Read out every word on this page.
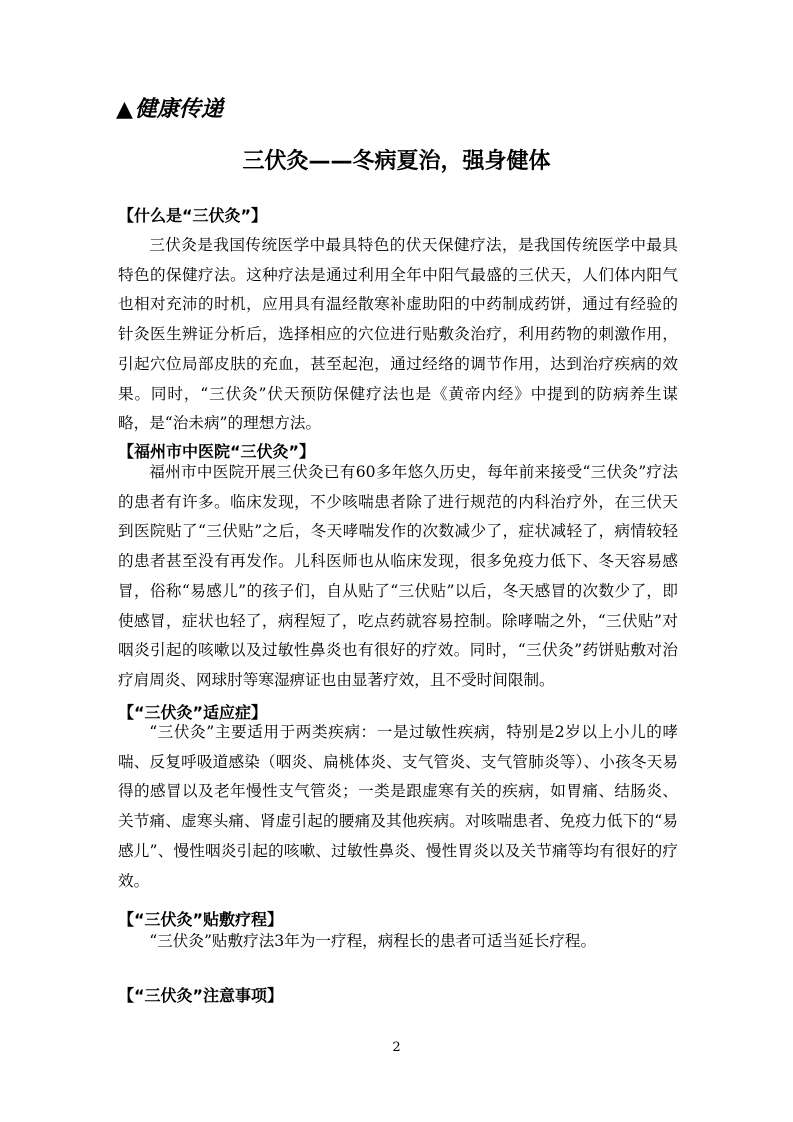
▲健康传递
三伏灸——冬病夏治，强身健体
【什么是“三伏灸”】

三伏灸是我国传统医学中最具特色的伏天保健疗法，是我国传统医学中最具特色的保健疗法。这种疗法是通过利用全年中阳气最盛的三伏天，人们体内阳气也相对充沛的时机，应用具有温经散寒补虚助阳的中药制成药饼，通过有经验的针灸医生辨证分析后，选择相应的穴位进行贴敷灸治疗，利用药物的刺激作用，引起穴位局部皮肤的充血，甚至起泡，通过经络的调节作用，达到治疗疾病的效果。同时，“三伏灸”伏天预防保健疗法也是《黄帝内经》中提到的防病养生谋略，是“治未病”的理想方法。

【福州市中医院“三伏灸”】

福州市中医院开展三伏灸已有60多年悠久历史，每年前来接受“三伏灸”疗法的患者有许多。临床发现，不少咳喘患者除了进行规范的内科治疗外，在三伏天到医院贴了“三伏贴”之后，冬天哮喘发作的次数减少了，症状减轻了，病情较轻的患者甚至没有再发作。儿科医师也从临床发现，很多免疫力低下、冬天容易感冒，俗称“易感儿”的孩子们，自从贴了“三伏贴”以后，冬天感冒的次数少了，即使感冒，症状也轻了，病程短了，吃点药就容易控制。除哮喘之外，“三伏贴”对咽炎引起的咳嗽以及过敏性鼻炎也有很好的疗效。同时，“三伏灸”药饼贴敷对治疗肩周炎、网球肘等寒湿痹证也由显著疗效，且不受时间限制。

【“三伏灸”适应症】

“三伏灸”主要适用于两类疾病：一是过敏性疾病，特别是2岁以上小儿的哮喘、反复呼吸道感染（咽炎、扁桃体炎、支气管炎、支气管肺炎等）、小孩冬天易得的感冒以及老年慢性支气管炎；一类是跟虚寒有关的疾病，如胃痛、结肠炎、关节痛、虚寒头痛、肾虚引起的腰痛及其他疾病。对咳喘患者、免疫力低下的“易感儿”、慢性咽炎引起的咳嗽、过敏性鼻炎、慢性胃炎以及关节痛等均有很好的疗效。

【“三伏灸”贴敷疗程】

“三伏灸”贴敷疗法3年为一疗程，病程长的患者可适当延长疗程。

【“三伏灸”注意事项】
2
